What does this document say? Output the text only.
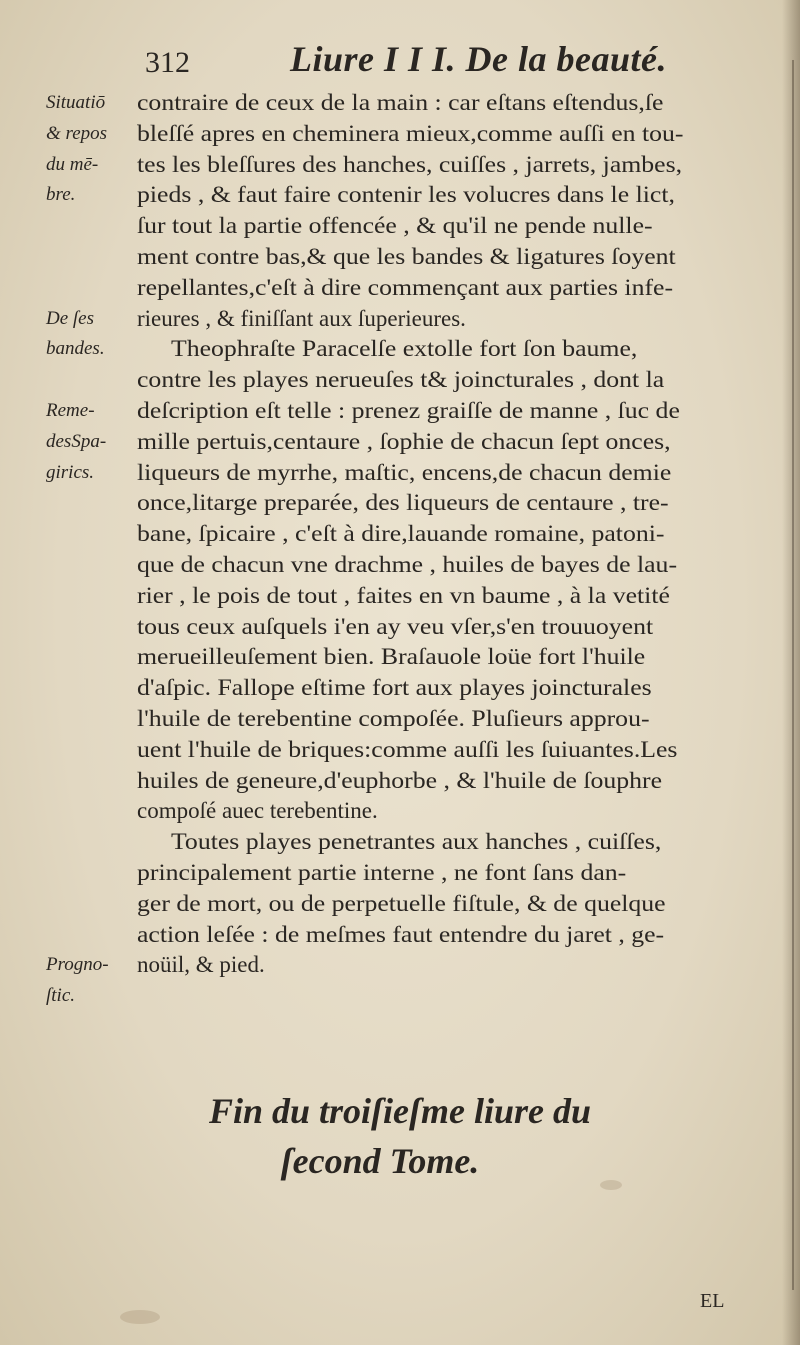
312	Liure I I I. De la beauté.
Situatiō
& repos
du mē-
bre.
De ſes
bandes.
Reme-
desSpa-
girics.
Progno-
ſtic.
contraire de ceux de la main : car eſtans eſtendus,ſe
bleſſé apres en cheminera mieux,comme auſſi en tou-
tes les bleſſures des hanches, cuiſſes , jarrets, jambes,
pieds , & faut faire contenir les volucres dans le lict,
ſur tout la partie offencée , & qu'il ne pende nulle-
ment contre bas,& que les bandes & ligatures ſoyent
repellantes,c'eſt à dire commençant aux parties infe-
rieures , & finiſſant aux ſuperieures.
Theophraſte Paracelſe extolle fort ſon baume,
contre les playes nerueuſes t& joincturales , dont la
deſcription eſt telle : prenez graiſſe de manne , ſuc de
mille pertuis,centaure , ſophie de chacun ſept onces,
liqueurs de myrrhe, maſtic, encens,de chacun demie
once,litarge preparée, des liqueurs de centaure , tre-
bane, ſpicaire , c'eſt à dire,lauande romaine, patoni-
que de chacun vne drachme , huiles de bayes de lau-
rier , le pois de tout , faites en vn baume , à la vetité
tous ceux auſquels i'en ay veu vſer,s'en trouuoyent
merueilleuſement bien. Braſauole loüe fort l'huile
d'aſpic. Fallope eſtime fort aux playes joincturales
l'huile de terebentine compoſée. Pluſieurs approu-
uent l'huile de briques:comme auſſi les ſuiuantes.Les
huiles de geneure,d'euphorbe , & l'huile de ſouphre
compoſé auec terebentine.
Toutes playes penetrantes aux hanches , cuiſſes,
principalement partie interne , ne font ſans dan-
ger de mort, ou de perpetuelle fiſtule, & de quelque
action leſée : de meſmes faut entendre du jaret , ge-
noüil, & pied.
Fin du troiſieſme liure du
ſecond Tome.
EL
